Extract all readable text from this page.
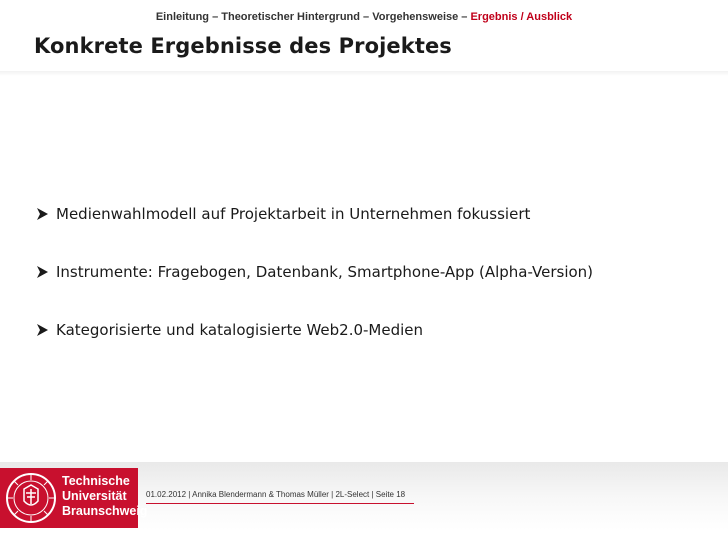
Einleitung – Theoretischer Hintergrund – Vorgehensweise – Ergebnis / Ausblick
Konkrete Ergebnisse des Projektes
Medienwahlmodell auf Projektarbeit in Unternehmen fokussiert
Instrumente: Fragebogen, Datenbank, Smartphone-App (Alpha-Version)
Kategorisierte und katalogisierte Web2.0-Medien
Technische
Universität
Braunschweig
01.02.2012 | Annika Blendermann & Thomas Müller | 2L-Select | Seite 18
